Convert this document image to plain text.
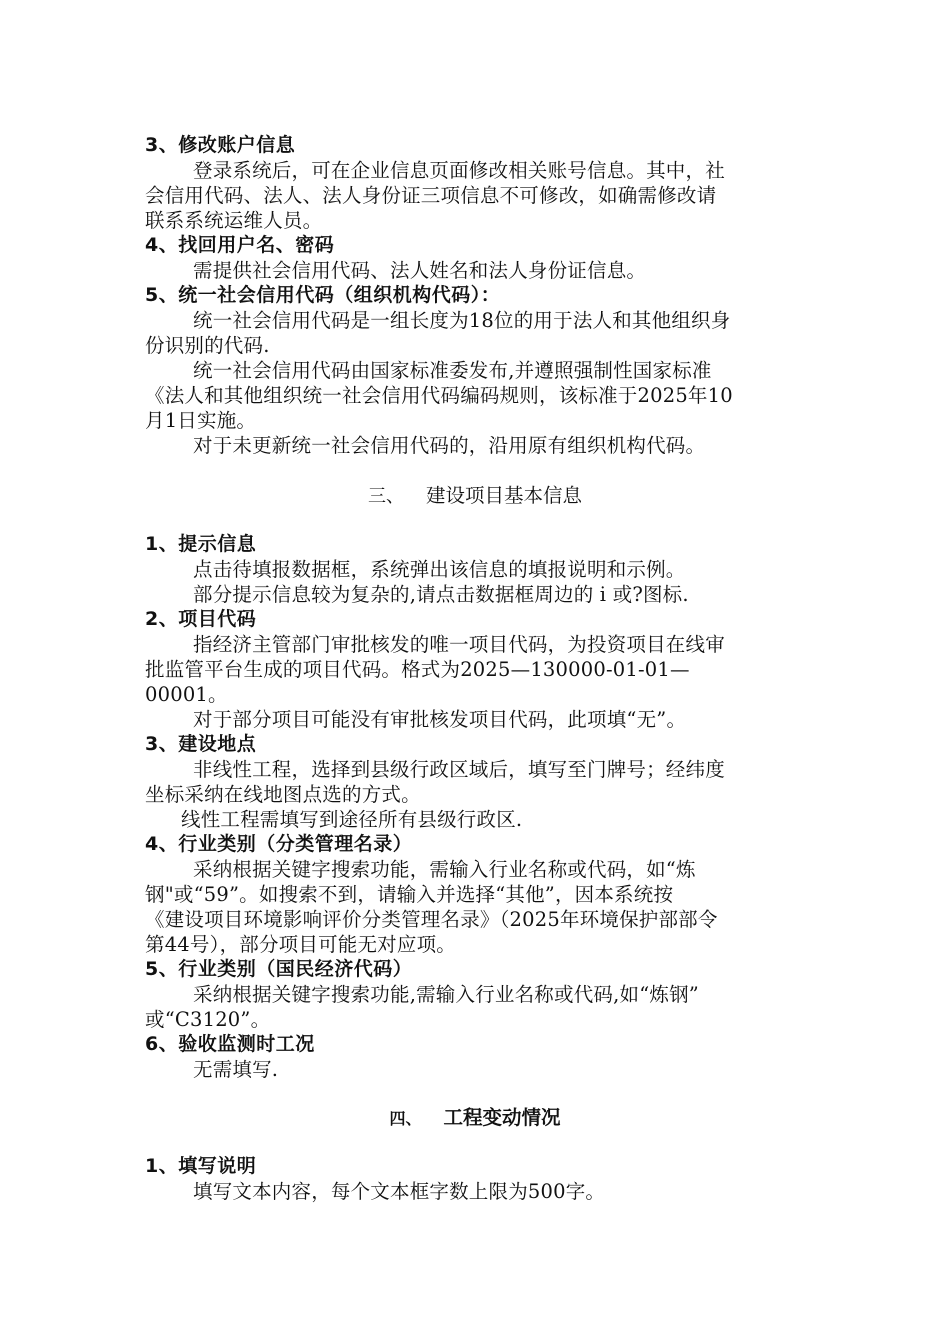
3、修改账户信息
登录系统后，可在企业信息页面修改相关账号信息。其中，社
会信用代码、法人、法人身份证三项信息不可修改，如确需修改请
联系系统运维人员。
4、找回用户名、密码
需提供社会信用代码、法人姓名和法人身份证信息。
5、统一社会信用代码（组织机构代码）：
统一社会信用代码是一组长度为18位的用于法人和其他组织身
份识别的代码.
统一社会信用代码由国家标准委发布,并遵照强制性国家标准
《法人和其他组织统一社会信用代码编码规则，该标准于2025年10
月1日实施。
对于未更新统一社会信用代码的，沿用原有组织机构代码。
三、 建设项目基本信息
1、提示信息
点击待填报数据框，系统弹出该信息的填报说明和示例。
部分提示信息较为复杂的,请点击数据框周边的 i 或?图标.
2、项目代码
指经济主管部门审批核发的唯一项目代码，为投资项目在线审
批监管平台生成的项目代码。格式为2025—130000-01-01—
00001。
对于部分项目可能没有审批核发项目代码，此项填“无”。
3、建设地点
非线性工程，选择到县级行政区域后，填写至门牌号；经纬度
坐标采纳在线地图点选的方式。
线性工程需填写到途径所有县级行政区.
4、行业类别（分类管理名录）
采纳根据关键字搜索功能，需输入行业名称或代码，如“炼
钢"或“59”。如搜索不到，请输入并选择“其他”，因本系统按
《建设项目环境影响评价分类管理名录》（2025年环境保护部部令
第44号），部分项目可能无对应项。
5、行业类别（国民经济代码）
采纳根据关键字搜索功能,需输入行业名称或代码,如“炼钢”
或“C3120”。
6、验收监测时工况
无需填写.
四、 工程变动情况
1、填写说明
填写文本内容，每个文本框字数上限为500字。
